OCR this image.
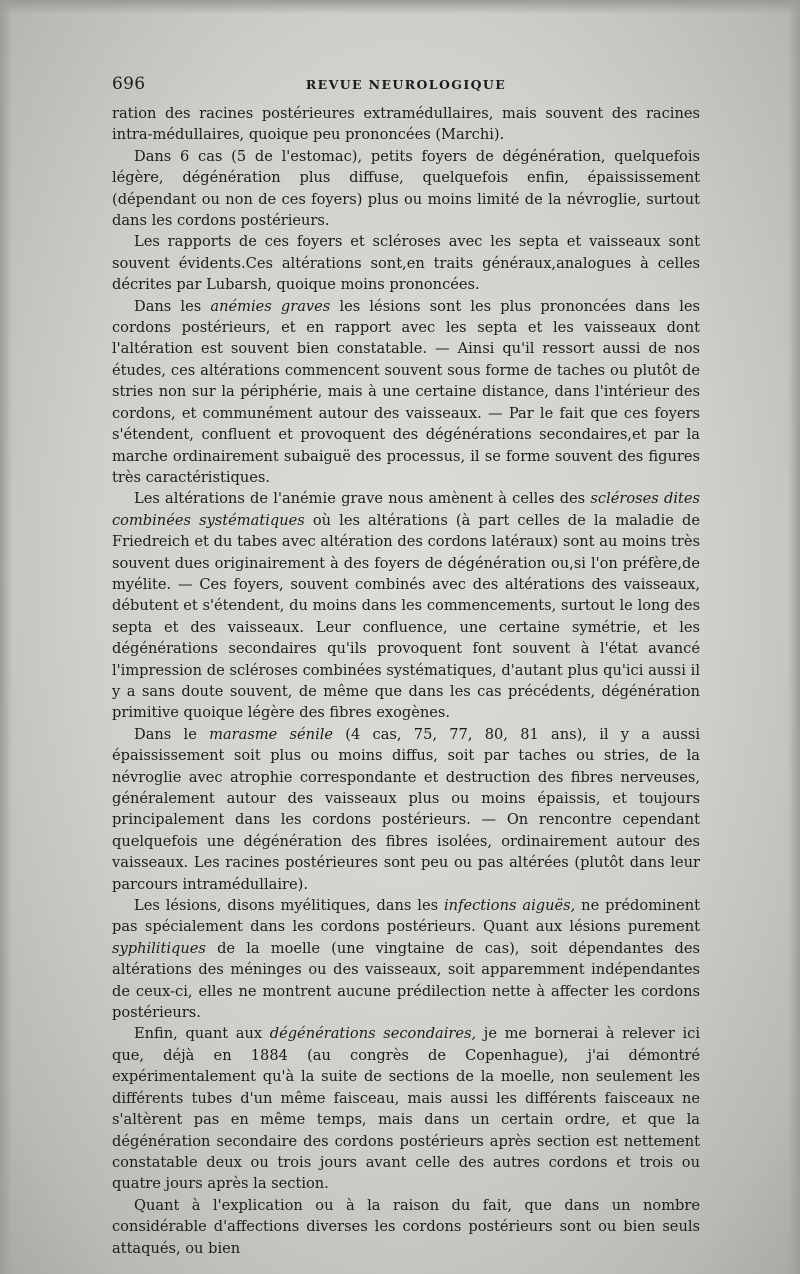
696	REVUE NEUROLOGIQUE

ration des racines postérieures extramédullaires, mais souvent des racines intra-médullaires, quoique peu prononcées (Marchi).

Dans 6 cas (5 de l'estomac), petits foyers de dégénération, quelquefois légère, dégénération plus diffuse, quelquefois enfin, épaississement (dépendant ou non de ces foyers) plus ou moins limité de la névroglie, surtout dans les cordons postérieurs.

Les rapports de ces foyers et scléroses avec les septa et vaisseaux sont souvent évidents.Ces altérations sont,en traits généraux,analogues à celles décrites par Lubarsh, quoique moins prononcées.

Dans les anémies graves les lésions sont les plus prononcées dans les cordons postérieurs, et en rapport avec les septa et les vaisseaux dont l'altération est souvent bien constatable. — Ainsi qu'il ressort aussi de nos études, ces altérations commencent souvent sous forme de taches ou plutôt de stries non sur la périphérie, mais à une certaine distance, dans l'intérieur des cordons, et communément autour des vaisseaux. — Par le fait que ces foyers s'étendent, confluent et provoquent des dégénérations secondaires,et par la marche ordinairement subaiguë des processus, il se forme souvent des figures très caractéristiques.

Les altérations de l'anémie grave nous amènent à celles des scléroses dites combinées systématiques où les altérations (à part celles de la maladie de Friedreich et du tabes avec altération des cordons latéraux) sont au moins très souvent dues originairement à des foyers de dégénération ou,si l'on préfère,de myélite. — Ces foyers, souvent combinés avec des altérations des vaisseaux, débutent et s'étendent, du moins dans les commencements, surtout le long des septa et des vaisseaux. Leur confluence, une certaine symétrie, et les dégénérations secondaires qu'ils provoquent font souvent à l'état avancé l'impression de scléroses combinées systématiques, d'autant plus qu'ici aussi il y a sans doute souvent, de même que dans les cas précédents, dégénération primitive quoique légère des fibres exogènes.

Dans le marasme sénile (4 cas, 75, 77, 80, 81 ans), il y a aussi épaississement soit plus ou moins diffus, soit par taches ou stries, de la névroglie avec atrophie correspondante et destruction des fibres nerveuses, généralement autour des vaisseaux plus ou moins épaissis, et toujours principalement dans les cordons postérieurs. — On rencontre cependant quelquefois une dégénération des fibres isolées, ordinairement autour des vaisseaux. Les racines postérieures sont peu ou pas altérées (plutôt dans leur parcours intramédullaire).

Les lésions, disons myélitiques, dans les infections aiguës, ne prédominent pas spécialement dans les cordons postérieurs. Quant aux lésions purement syphilitiques de la moelle (une vingtaine de cas), soit dépendantes des altérations des méninges ou des vaisseaux, soit apparemment indépendantes de ceux-ci, elles ne montrent aucune prédilection nette à affecter les cordons postérieurs.

Enfin, quant aux dégénérations secondaires, je me bornerai à relever ici que, déjà en 1884 (au congrès de Copenhague), j'ai démontré expérimentalement qu'à la suite de sections de la moelle, non seulement les différents tubes d'un même faisceau, mais aussi les différents faisceaux ne s'altèrent pas en même temps, mais dans un certain ordre, et que la dégénération secondaire des cordons postérieurs après section est nettement constatable deux ou trois jours avant celle des autres cordons et trois ou quatre jours après la section.

Quant à l'explication ou à la raison du fait, que dans un nombre considérable d'affections diverses les cordons postérieurs sont ou bien seuls attaqués, ou bien
